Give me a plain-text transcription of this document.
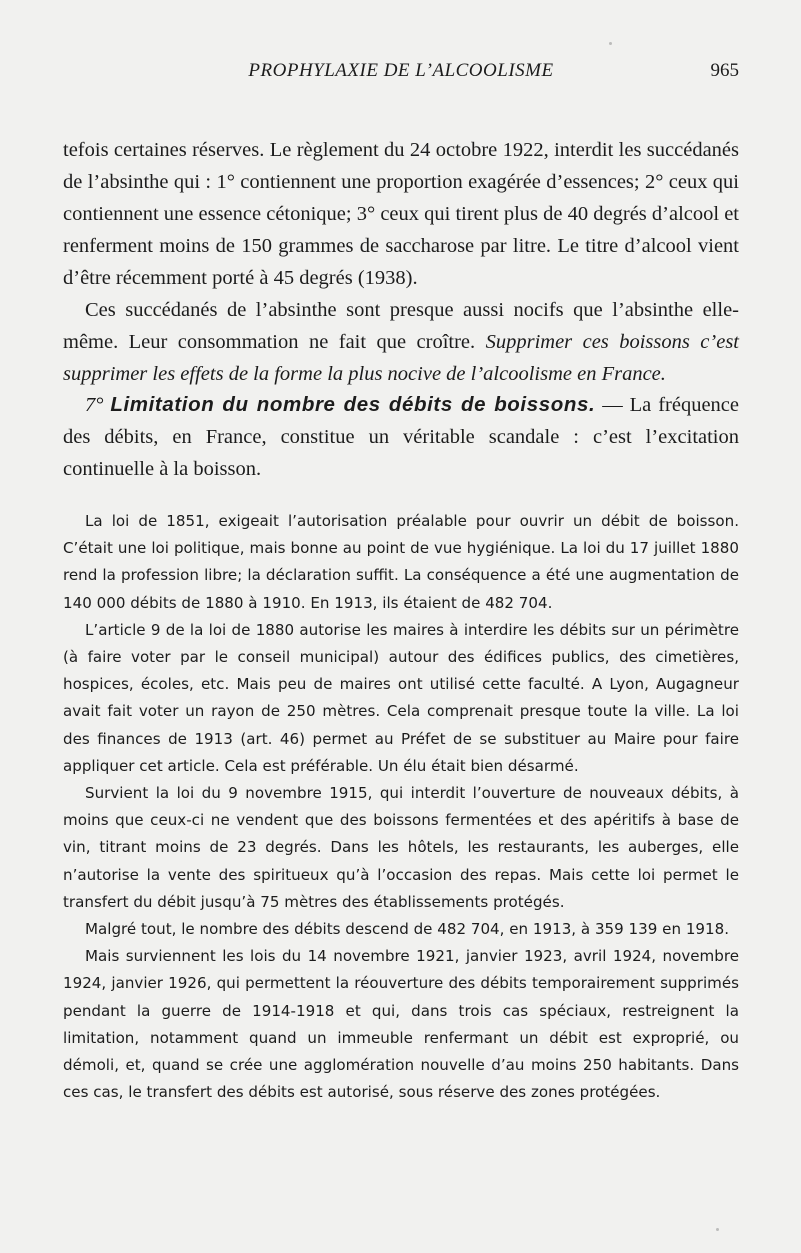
PROPHYLAXIE DE L’ALCOOLISME	965

tefois certaines réserves. Le règlement du 24 octobre 1922, interdit les succédanés de l’absinthe qui : 1° contiennent une proportion exagérée d’essences; 2° ceux qui contiennent une essence cétonique; 3° ceux qui tirent plus de 40 degrés d’alcool et renferment moins de 150 grammes de saccharose par litre. Le titre d’alcool vient d’être récemment porté à 45 degrés (1938).

Ces succédanés de l’absinthe sont presque aussi nocifs que l’absinthe elle-même. Leur consommation ne fait que croître. Supprimer ces boissons c’est supprimer les effets de la forme la plus nocive de l’alcoolisme en France.

7° Limitation du nombre des débits de boissons. — La fréquence des débits, en France, constitue un véritable scandale : c’est l’excitation continuelle à la boisson.

La loi de 1851, exigeait l’autorisation préalable pour ouvrir un débit de boisson. C’était une loi politique, mais bonne au point de vue hygiénique. La loi du 17 juillet 1880 rend la profession libre; la déclaration suffit. La conséquence a été une augmentation de 140 000 débits de 1880 à 1910. En 1913, ils étaient de 482 704.

L’article 9 de la loi de 1880 autorise les maires à interdire les débits sur un périmètre (à faire voter par le conseil municipal) autour des édifices publics, des cimetières, hospices, écoles, etc. Mais peu de maires ont utilisé cette faculté. A Lyon, Augagneur avait fait voter un rayon de 250 mètres. Cela comprenait presque toute la ville. La loi des finances de 1913 (art. 46) permet au Préfet de se substituer au Maire pour faire appliquer cet article. Cela est préférable. Un élu était bien désarmé.

Survient la loi du 9 novembre 1915, qui interdit l’ouverture de nouveaux débits, à moins que ceux-ci ne vendent que des boissons fermentées et des apéritifs à base de vin, titrant moins de 23 degrés. Dans les hôtels, les restaurants, les auberges, elle n’autorise la vente des spiritueux qu’à l’occasion des repas. Mais cette loi permet le transfert du débit jusqu’à 75 mètres des établissements protégés.

Malgré tout, le nombre des débits descend de 482 704, en 1913, à 359 139 en 1918.

Mais surviennent les lois du 14 novembre 1921, janvier 1923, avril 1924, novembre 1924, janvier 1926, qui permettent la réouverture des débits temporairement supprimés pendant la guerre de 1914-1918 et qui, dans trois cas spéciaux, restreignent la limitation, notamment quand un immeuble renfermant un débit est exproprié, ou démoli, et, quand se crée une agglomération nouvelle d’au moins 250 habitants. Dans ces cas, le transfert des débits est autorisé, sous réserve des zones protégées.
